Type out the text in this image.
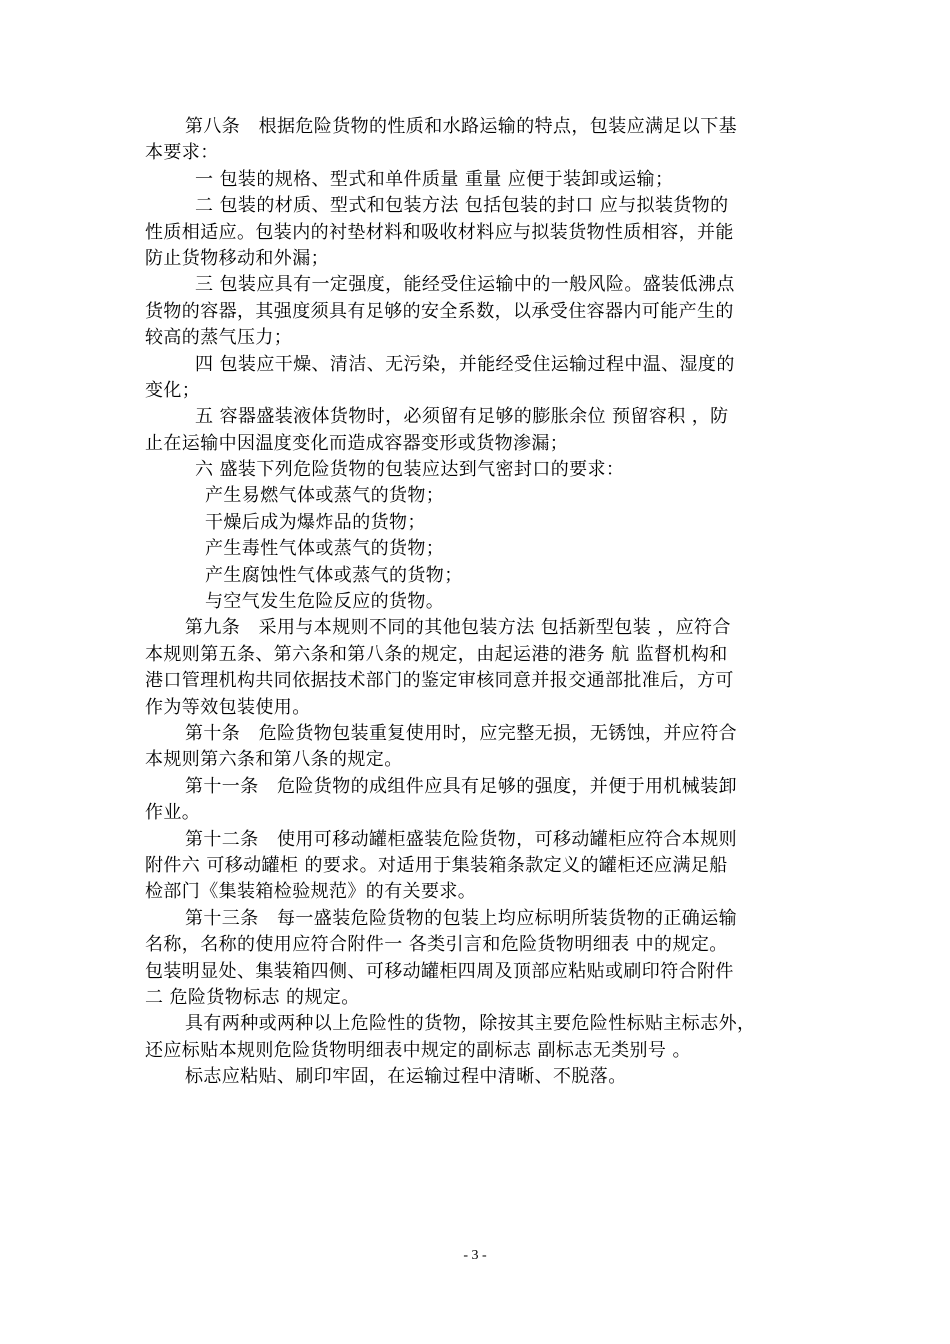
第八条　根据危险货物的性质和水路运输的特点，包装应满足以下基
本要求：
一 包装的规格、型式和单件质量 重量 应便于装卸或运输；
二 包装的材质、型式和包装方法 包括包装的封口 应与拟装货物的
性质相适应。包装内的衬垫材料和吸收材料应与拟装货物性质相容，并能
防止货物移动和外漏；
三 包装应具有一定强度，能经受住运输中的一般风险。盛装低沸点
货物的容器，其强度须具有足够的安全系数，以承受住容器内可能产生的
较高的蒸气压力；
四 包装应干燥、清洁、无污染，并能经受住运输过程中温、湿度的
变化；
五 容器盛装液体货物时，必须留有足够的膨胀余位 预留容积 ，防
止在运输中因温度变化而造成容器变形或货物渗漏；
六 盛装下列危险货物的包装应达到气密封口的要求：
产生易燃气体或蒸气的货物；
干燥后成为爆炸品的货物；
产生毒性气体或蒸气的货物；
产生腐蚀性气体或蒸气的货物；
与空气发生危险反应的货物。
第九条　采用与本规则不同的其他包装方法 包括新型包装 ，应符合
本规则第五条、第六条和第八条的规定，由起运港的港务 航 监督机构和
港口管理机构共同依据技术部门的鉴定审核同意并报交通部批准后，方可
作为等效包装使用。
第十条　危险货物包装重复使用时，应完整无损，无锈蚀，并应符合
本规则第六条和第八条的规定。
第十一条　危险货物的成组件应具有足够的强度，并便于用机械装卸
作业。
第十二条　使用可移动罐柜盛装危险货物，可移动罐柜应符合本规则
附件六 可移动罐柜 的要求。对适用于集装箱条款定义的罐柜还应满足船
检部门《集装箱检验规范》的有关要求。
第十三条　每一盛装危险货物的包装上均应标明所装货物的正确运输
名称，名称的使用应符合附件一 各类引言和危险货物明细表 中的规定。
包装明显处、集装箱四侧、可移动罐柜四周及顶部应粘贴或刷印符合附件
二 危险货物标志 的规定。
具有两种或两种以上危险性的货物，除按其主要危险性标贴主标志外，
还应标贴本规则危险货物明细表中规定的副标志 副标志无类别号 。
标志应粘贴、刷印牢固，在运输过程中清晰、不脱落。
- 3 -
